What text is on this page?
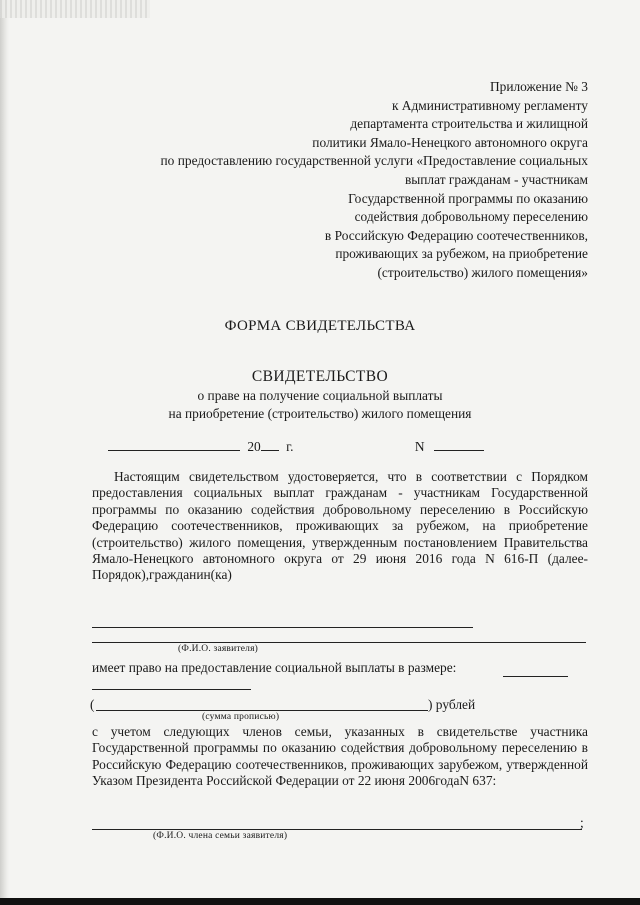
Приложение № 3
к Административному регламенту
департамента строительства и жилищной
политики Ямало-Ненецкого автономного округа
по предоставлению государственной услуги «Предоставление социальных
выплат гражданам - участникам
Государственной программы по оказанию
содействия добровольному переселению
в Российскую Федерацию соотечественников,
проживающих за рубежом, на приобретение
(строительство) жилого помещения»
ФОРМА СВИДЕТЕЛЬСТВА
СВИДЕТЕЛЬСТВО
о праве на получение социальной выплаты
на приобретение (строительство) жилого помещения
20 г.	N

Настоящим свидетельством удостоверяется, что в соответствии с Порядком предоставления социальных выплат гражданам - участникам Государственной программы по оказанию содействия добровольному переселению в Российскую Федерацию соотечественников, проживающих за рубежом, на приобретение (строительство) жилого помещения, утвержденным постановлением Правительства Ямало-Ненецкого автономного округа от 29 июня 2016 года N 616-П (далее- Порядок),гражданин(ка)

(Ф.И.О. заявителя)
имеет право на предоставление социальной выплаты в размере:
(	) рублей
(сумма прописью)

с учетом следующих членов семьи, указанных в свидетельстве участника Государственной программы по оказанию содействия добровольному переселению в Российскую Федерацию соотечественников, проживающих зарубежом, утвержденной Указом Президента Российской Федерации от 22 июня 2006годаN 637:

;
(Ф.И.О. члена семьи заявителя)
